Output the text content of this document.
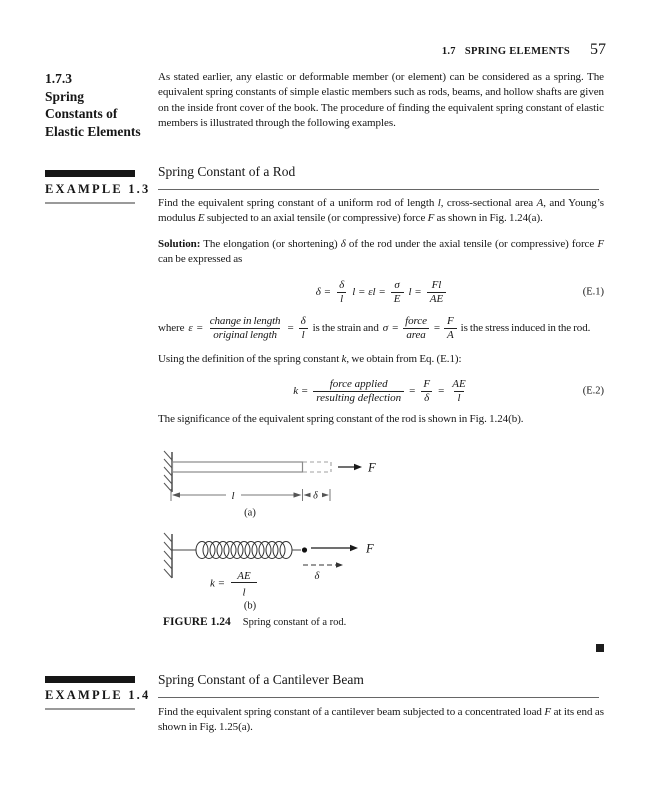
1.7 SPRING ELEMENTS 57
1.7.3
Spring
Constants of
Elastic Elements
As stated earlier, any elastic or deformable member (or element) can be considered as a spring. The equivalent spring constants of simple elastic members such as rods, beams, and hollow shafts are given on the inside front cover of the book. The procedure of finding the equivalent spring constant of elastic members is illustrated through the following examples.
EXAMPLE 1.3
Spring Constant of a Rod
Find the equivalent spring constant of a uniform rod of length l, cross-sectional area A, and Young’s modulus E subjected to an axial tensile (or compressive) force F as shown in Fig. 1.24(a).
Solution: The elongation (or shortening) δ of the rod under the axial tensile (or compressive) force F can be expressed as
$\delta = \frac{\delta}{l}$ $l = \varepsilon l = \frac{\sigma}{E}$ $l = \frac{Fl}{AE}$	(E.1)
where $\varepsilon = \frac{\text{change in length}}{\text{original length}} = \frac{\delta}{l}$ is the strain and $\sigma = \frac{\text{force}}{\text{area}} = \frac{F}{A}$ is the stress induced in the rod.
Using the definition of the spring constant k, we obtain from Eq. (E.1):
$k = \frac{\text{force applied}}{\text{resulting deflection}} = \frac{F}{\delta} = \frac{AE}{l}$	(E.2)
The significance of the equivalent spring constant of the rod is shown in Fig. 1.24(b).
F
l	δ
(a)
F
δ
k =
AE
l
(b)
FIGURE 1.24 Spring constant of a rod.
EXAMPLE 1.4
Spring Constant of a Cantilever Beam
Find the equivalent spring constant of a cantilever beam subjected to a concentrated load F at its end as shown in Fig. 1.25(a).
